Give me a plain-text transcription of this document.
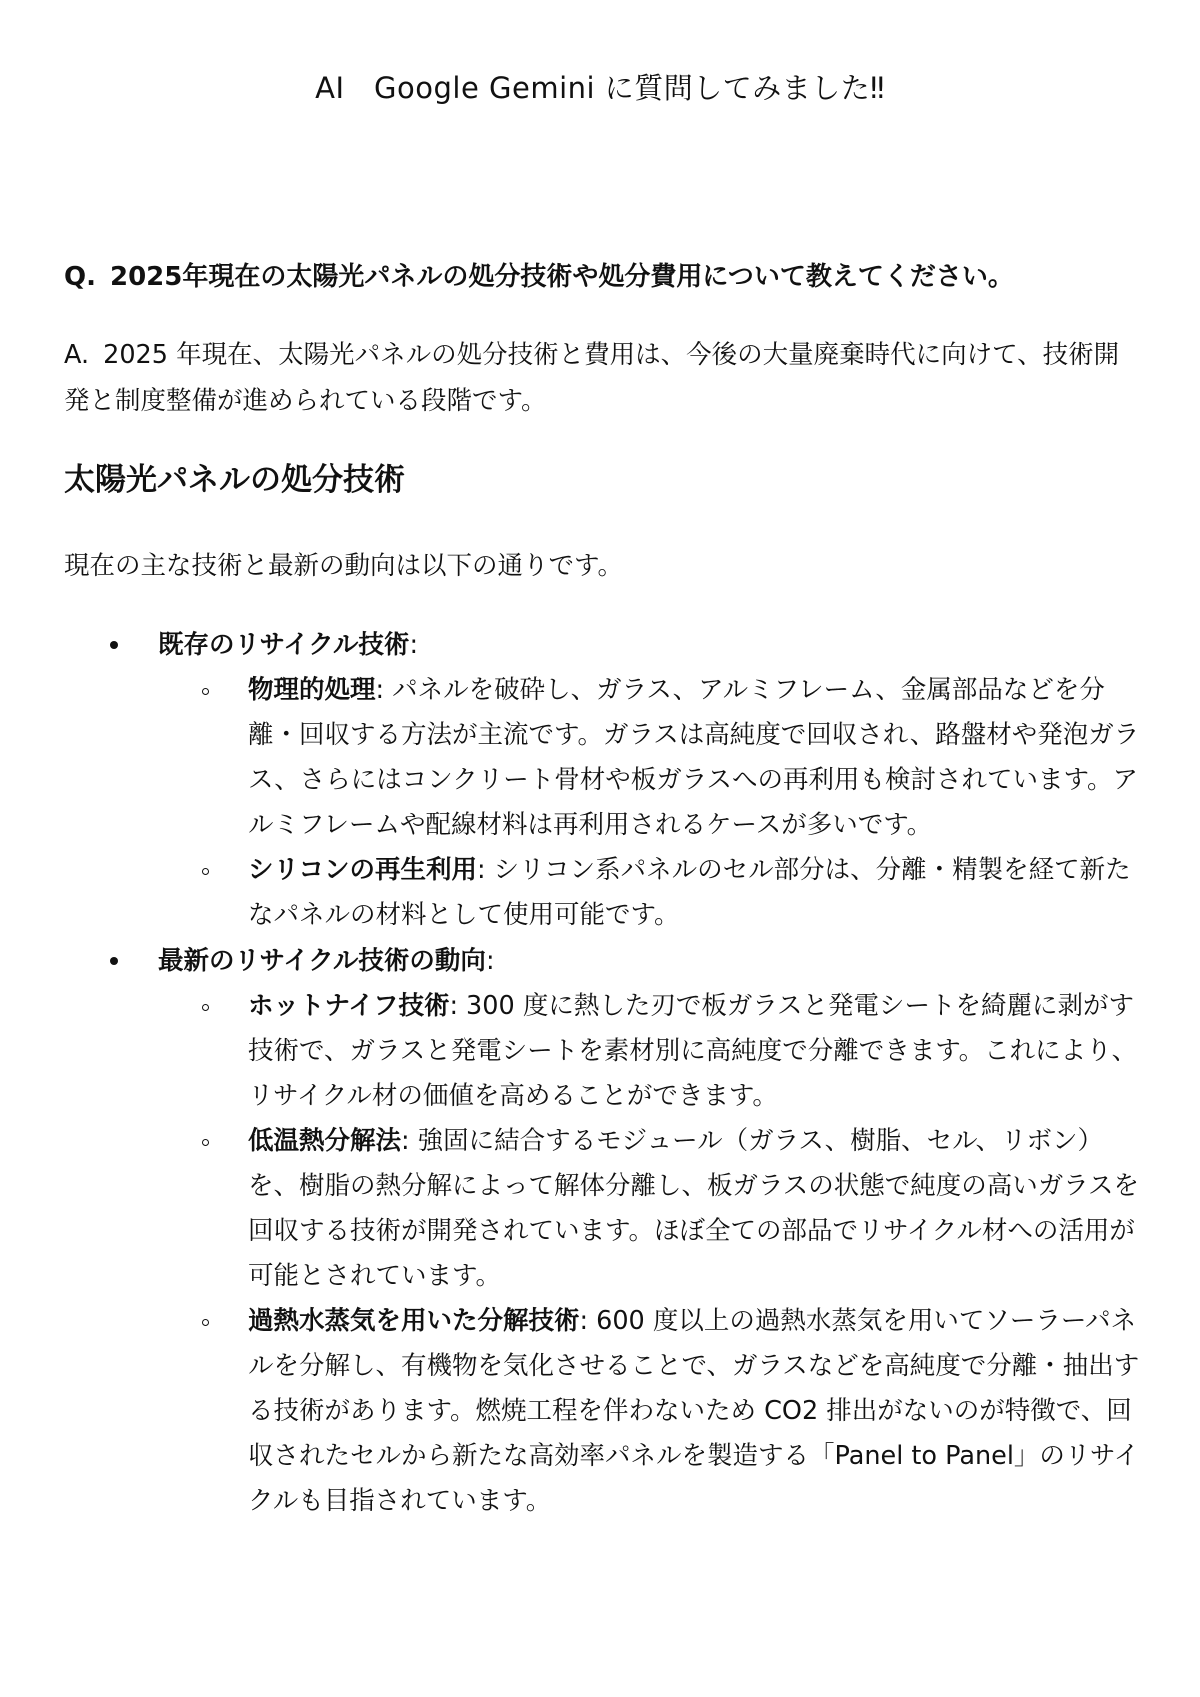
AI　Google Gemini に質問してみました‼
Q. 2025年現在の太陽光パネルの処分技術や処分費用について教えてください。
A. 2025 年現在、太陽光パネルの処分技術と費用は、今後の大量廃棄時代に向けて、技術開発と制度整備が進められている段階です。
太陽光パネルの処分技術
現在の主な技術と最新の動向は以下の通りです。
既存のリサイクル技術:
物理的処理: パネルを破砕し、ガラス、アルミフレーム、金属部品などを分離・回収する方法が主流です。ガラスは高純度で回収され、路盤材や発泡ガラス、さらにはコンクリート骨材や板ガラスへの再利用も検討されています。アルミフレームや配線材料は再利用されるケースが多いです。
シリコンの再生利用: シリコン系パネルのセル部分は、分離・精製を経て新たなパネルの材料として使用可能です。
最新のリサイクル技術の動向:
ホットナイフ技術: 300 度に熱した刃で板ガラスと発電シートを綺麗に剥がす技術で、ガラスと発電シートを素材別に高純度で分離できます。これにより、リサイクル材の価値を高めることができます。
低温熱分解法: 強固に結合するモジュール（ガラス、樹脂、セル、リボン）を、樹脂の熱分解によって解体分離し、板ガラスの状態で純度の高いガラスを回収する技術が開発されています。ほぼ全ての部品でリサイクル材への活用が可能とされています。
過熱水蒸気を用いた分解技術: 600 度以上の過熱水蒸気を用いてソーラーパネルを分解し、有機物を気化させることで、ガラスなどを高純度で分離・抽出する技術があります。燃焼工程を伴わないため CO2 排出がないのが特徴で、回収されたセルから新たな高効率パネルを製造する「Panel to Panel」のリサイクルも目指されています。
